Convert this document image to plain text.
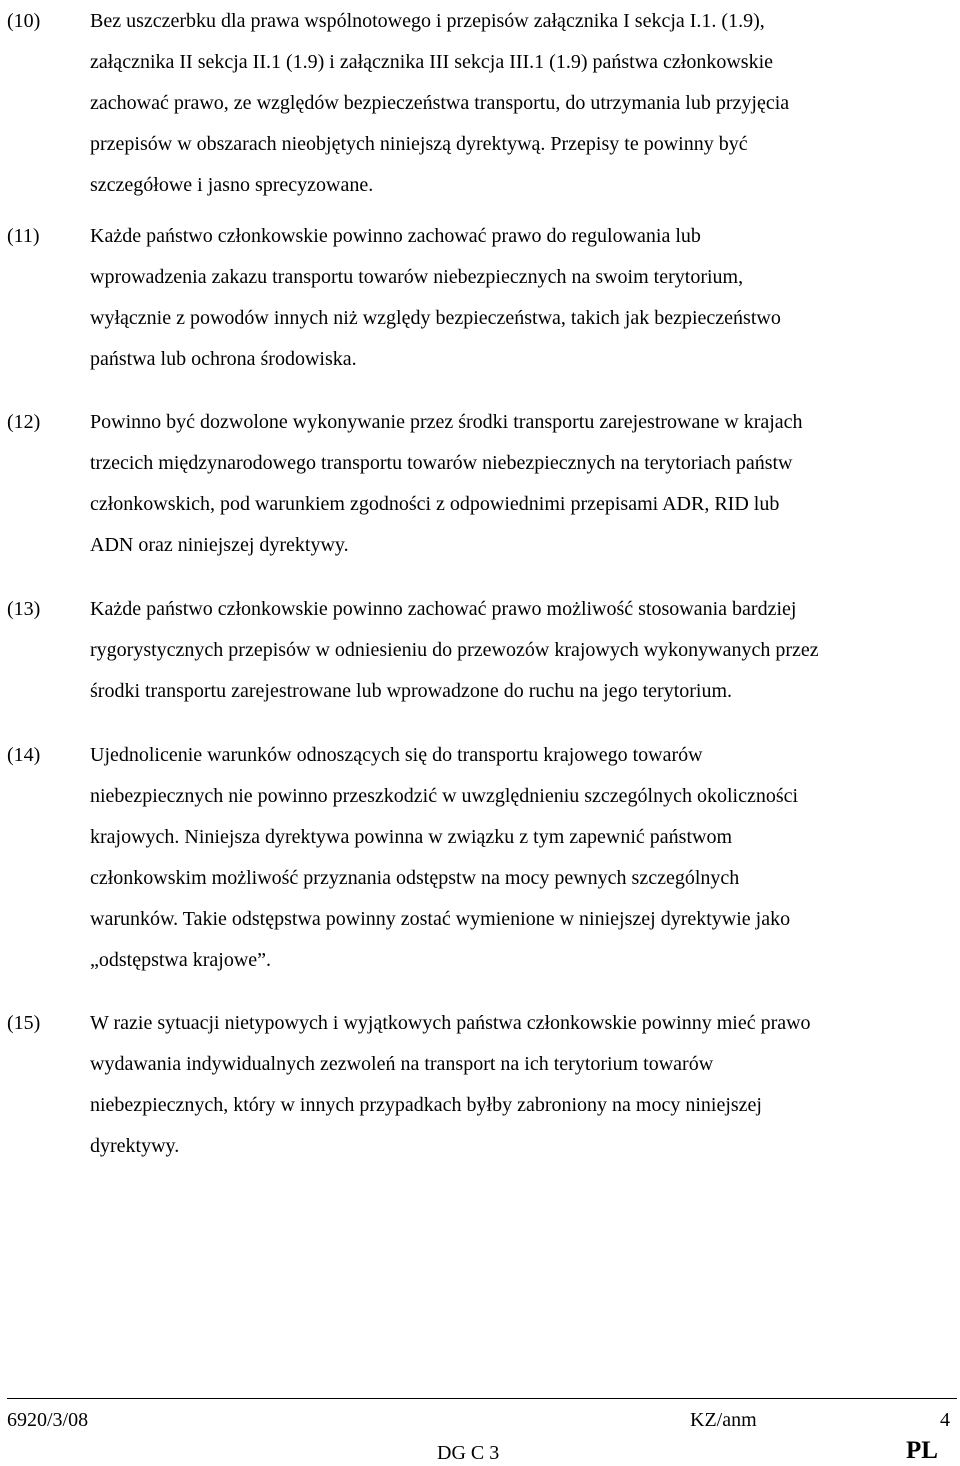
(10) Bez uszczerbku dla prawa wspólnotowego i przepisów załącznika I sekcja I.1. (1.9),
załącznika II sekcja II.1 (1.9) i załącznika III sekcja III.1 (1.9) państwa członkowskie
zachować prawo, ze względów bezpieczeństwa transportu, do utrzymania lub przyjęcia
przepisów w obszarach nieobjętych niniejszą dyrektywą. Przepisy te powinny być
szczegółowe i jasno sprecyzowane.
(11)	Każde państwo członkowskie powinno zachować prawo do regulowania lub
wprowadzenia zakazu transportu towarów niebezpiecznych na swoim terytorium,
wyłącznie z powodów innych niż względy bezpieczeństwa, takich jak bezpieczeństwo
państwa lub ochrona środowiska.
(12) Powinno być dozwolone wykonywanie przez środki transportu zarejestrowane w krajach
trzecich międzynarodowego transportu towarów niebezpiecznych na terytoriach państw
członkowskich, pod warunkiem zgodności z odpowiednimi przepisami ADR, RID lub
ADN oraz niniejszej dyrektywy.
(13) Każde państwo członkowskie powinno zachować prawo możliwość stosowania bardziej
rygorystycznych przepisów w odniesieniu do przewozów krajowych wykonywanych przez
środki transportu zarejestrowane lub wprowadzone do ruchu na jego terytorium.
(14) Ujednolicenie warunków odnoszących się do transportu krajowego towarów
niebezpiecznych nie powinno przeszkodzić w uwzględnieniu szczególnych okoliczności
krajowych. Niniejsza dyrektywa powinna w związku z tym zapewnić państwom
członkowskim możliwość przyznania odstępstw na mocy pewnych szczególnych
warunków. Takie odstępstwa powinny zostać wymienione w niniejszej dyrektywie jako
„odstępstwa krajowe”.
(15) W razie sytuacji nietypowych i wyjątkowych państwa członkowskie powinny mieć prawo
wydawania indywidualnych zezwoleń na transport na ich terytorium towarów
niebezpiecznych, który w innych przypadkach byłby zabroniony na mocy niniejszej
dyrektywy.
6920/3/08	KZ/anm	4
DG C 3	PL
